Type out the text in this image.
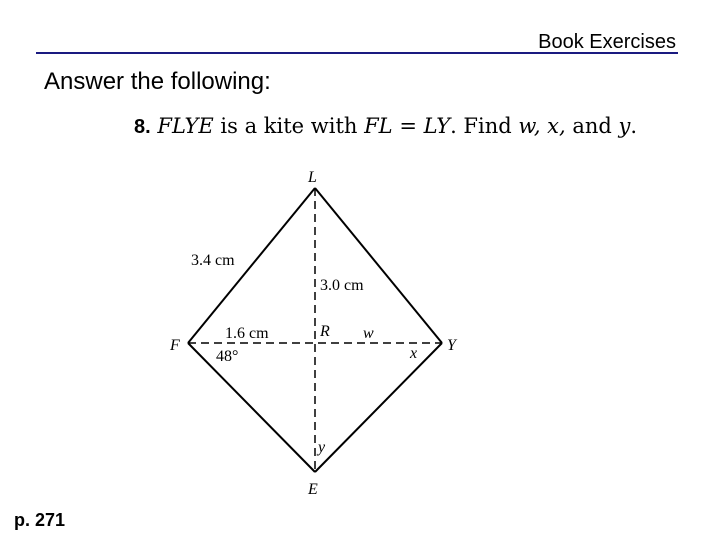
Book Exercises
Answer the following:
8. FLYE is a kite with FL = LY. Find w, x, and y.
L
F	Y
E
R
3.4 cm
3.0 cm
1.6 cm
48°
w
x
y
p. 271
